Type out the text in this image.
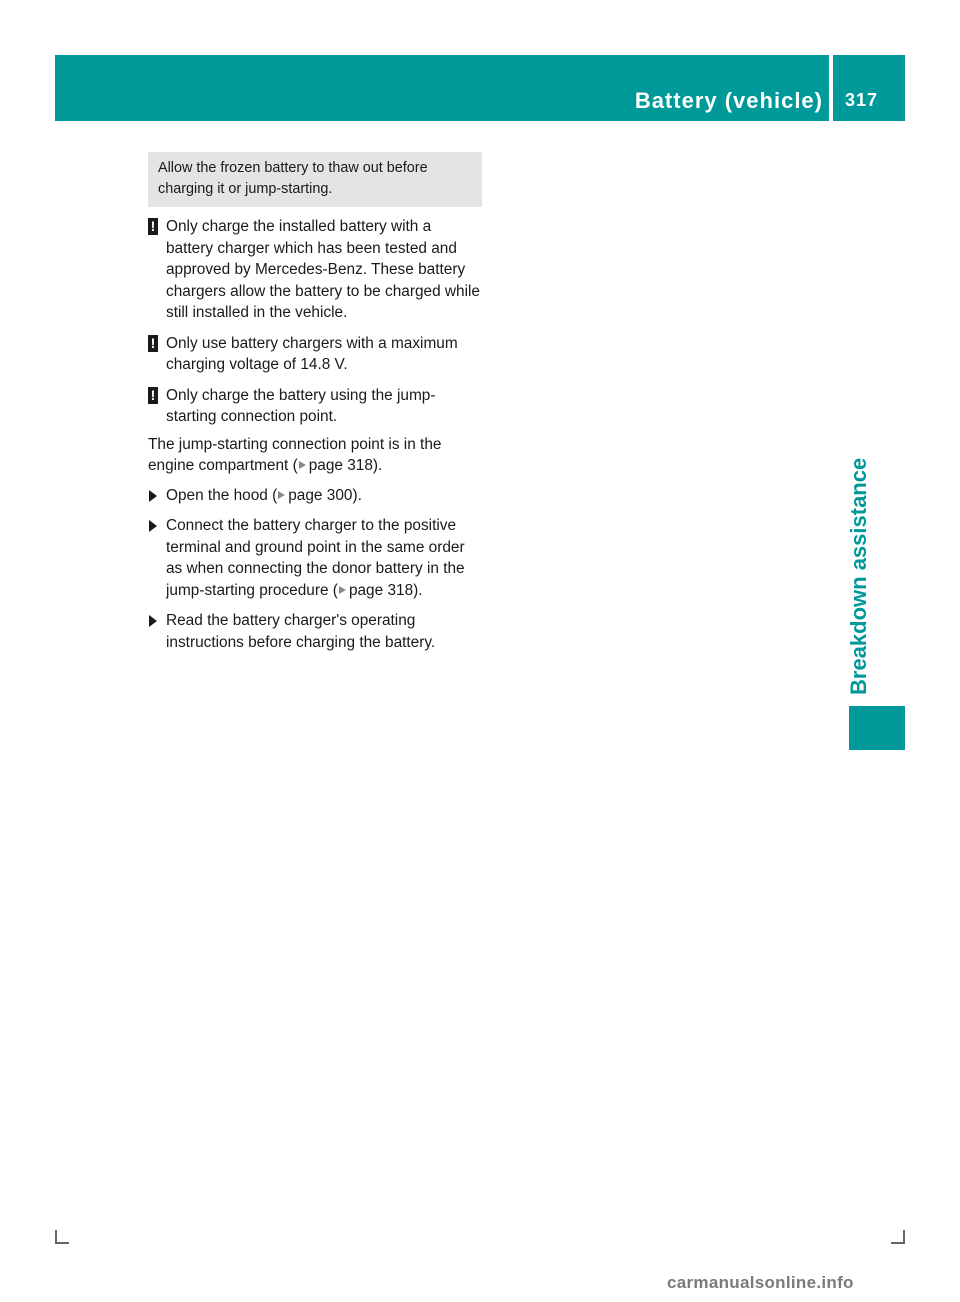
Battery (vehicle) 317
Breakdown assistance
Allow the frozen battery to thaw out before charging it or jump-starting.
! Only charge the installed battery with a battery charger which has been tested and approved by Mercedes-Benz. These battery chargers allow the battery to be charged while still installed in the vehicle.
! Only use battery chargers with a maximum charging voltage of 14.8 V.
! Only charge the battery using the jump-starting connection point.
The jump-starting connection point is in the engine compartment ( page 318).
Open the hood ( page 300).
Connect the battery charger to the positive terminal and ground point in the same order as when connecting the donor battery in the jump-starting procedure ( page 318).
Read the battery charger's operating instructions before charging the battery.
carmanualsonline.info
